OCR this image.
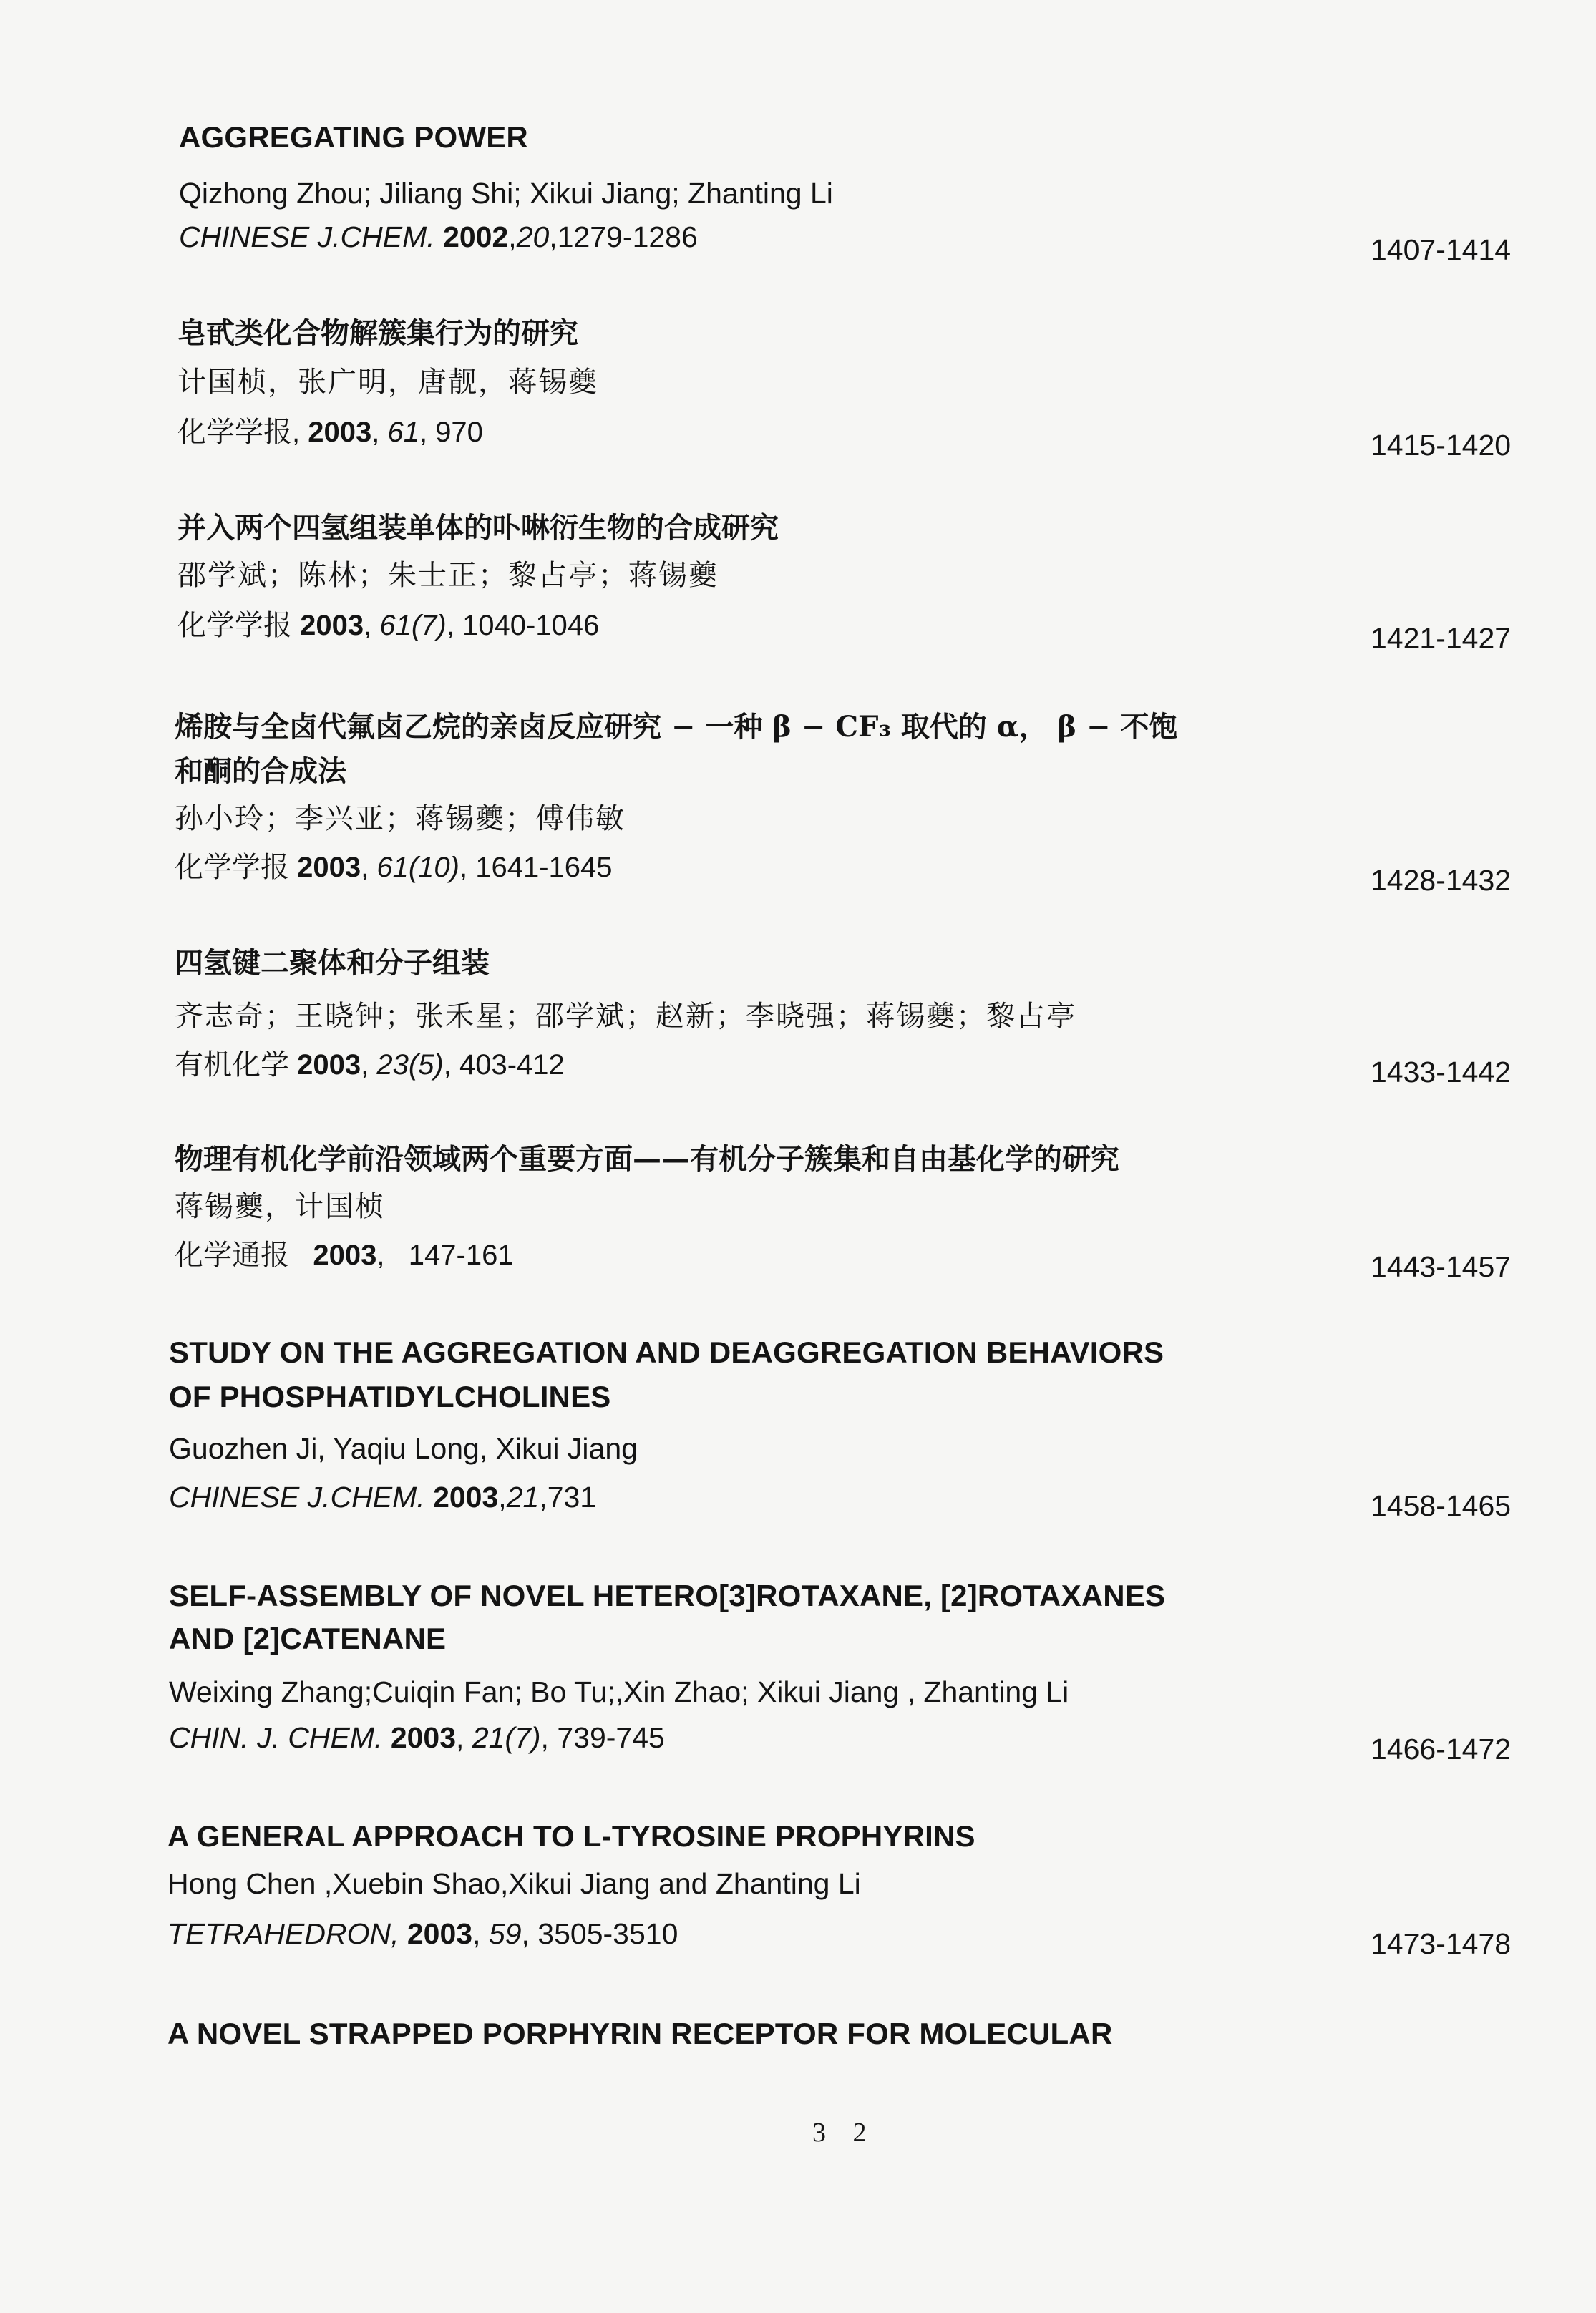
AGGREGATING POWER
Qizhong Zhou; Jiliang Shi; Xikui Jiang; Zhanting Li
CHINESE J.CHEM. 2002,20,1279-1286	1407-1414
皂甙类化合物解簇集行为的研究
计国桢，张广明，唐靓，蒋锡夔
化学学报, 2003, 61, 970	1415-1420
并入两个四氢组装单体的卟啉衍生物的合成研究
邵学斌；陈林；朱士正；黎占亭；蒋锡夔
化学学报 2003, 61(7), 1040-1046	1421-1427
烯胺与全卤代氟卤乙烷的亲卤反应研究 − 一种 β − CF₃ 取代的 α， β − 不饱
和酮的合成法
孙小玲；李兴亚；蒋锡夔；傅伟敏
化学学报 2003, 61(10), 1641-1645	1428-1432
四氢键二聚体和分子组装
齐志奇；王晓钟；张禾星；邵学斌；赵新；李晓强；蒋锡夔；黎占亭
有机化学 2003, 23(5), 403-412	1433-1442
物理有机化学前沿领域两个重要方面——有机分子簇集和自由基化学的研究
蒋锡夔，计国桢
化学通报 2003,   147-161	1443-1457
STUDY ON THE AGGREGATION AND DEAGGREGATION BEHAVIORS
OF PHOSPHATIDYLCHOLINES
Guozhen Ji, Yaqiu Long, Xikui Jiang
CHINESE J.CHEM. 2003,21,731	1458-1465
SELF-ASSEMBLY OF NOVEL HETERO[3]ROTAXANE, [2]ROTAXANES
AND [2]CATENANE
Weixing Zhang;Cuiqin Fan; Bo Tu;,Xin Zhao; Xikui Jiang , Zhanting Li
CHIN. J. CHEM. 2003, 21(7), 739-745	1466-1472
A GENERAL APPROACH TO L-TYROSINE PROPHYRINS
Hong Chen ,Xuebin Shao,Xikui Jiang and Zhanting Li
TETRAHEDRON, 2003, 59, 3505-3510	1473-1478
A NOVEL STRAPPED PORPHYRIN RECEPTOR FOR MOLECULAR
3 2
